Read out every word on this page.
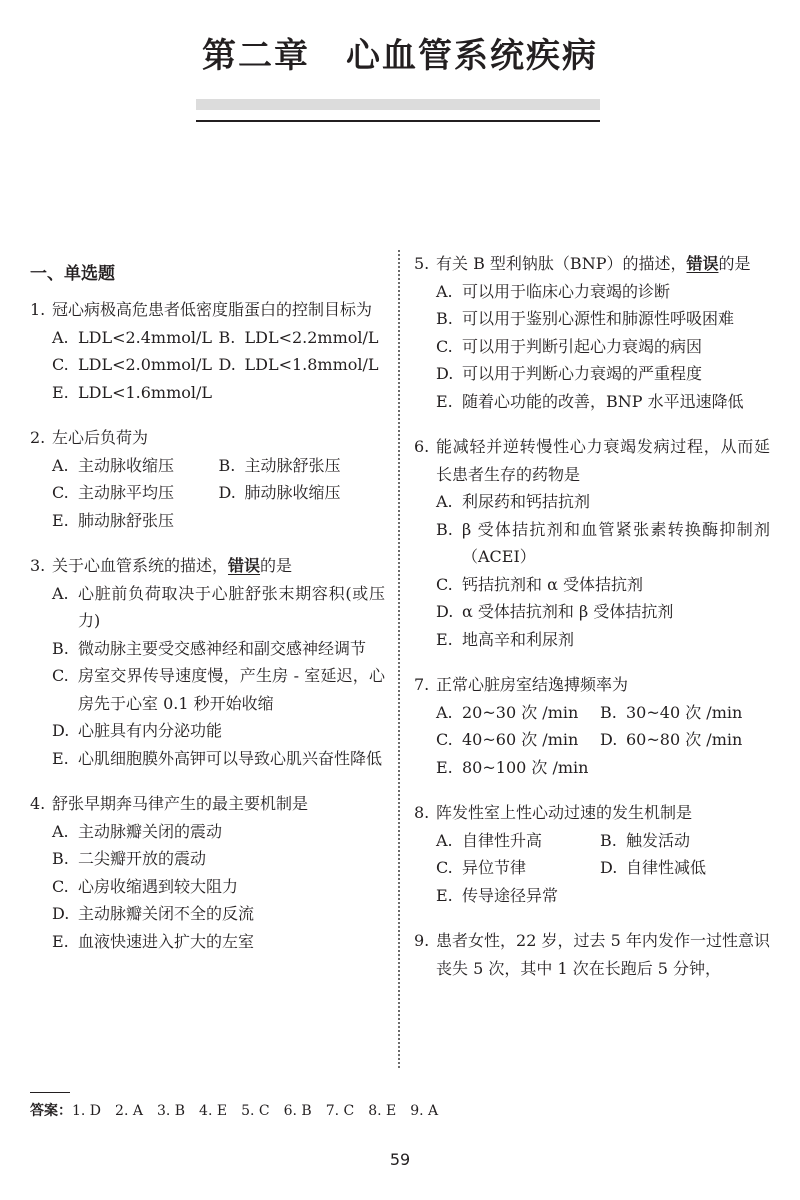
第二章　心血管系统疾病
一、单选题
1. 冠心病极高危患者低密度脂蛋白的控制目标为
A. LDL<2.4mmol/L B. LDL<2.2mmol/L
C. LDL<2.0mmol/L D. LDL<1.8mmol/L
E. LDL<1.6mmol/L
2. 左心后负荷为
A. 主动脉收缩压	B. 主动脉舒张压
C. 主动脉平均压	D. 肺动脉收缩压
E. 肺动脉舒张压
3. 关于心血管系统的描述，错误的是
A. 心脏前负荷取决于心脏舒张末期容积(或压力)
B. 微动脉主要受交感神经和副交感神经调节
C. 房室交界传导速度慢，产生房 - 室延迟，心房先于心室 0.1 秒开始收缩
D. 心脏具有内分泌功能
E. 心肌细胞膜外高钾可以导致心肌兴奋性降低
4. 舒张早期奔马律产生的最主要机制是
A. 主动脉瓣关闭的震动
B. 二尖瓣开放的震动
C. 心房收缩遇到较大阻力
D. 主动脉瓣关闭不全的反流
E. 血液快速进入扩大的左室
5. 有关 B 型利钠肽（BNP）的描述，错误的是
A. 可以用于临床心力衰竭的诊断
B. 可以用于鉴别心源性和肺源性呼吸困难
C. 可以用于判断引起心力衰竭的病因
D. 可以用于判断心力衰竭的严重程度
E. 随着心功能的改善，BNP 水平迅速降低
6. 能减轻并逆转慢性心力衰竭发病过程，从而延长患者生存的药物是
A. 利尿药和钙拮抗剂
B. β 受体拮抗剂和血管紧张素转换酶抑制剂（ACEI）
C. 钙拮抗剂和 α 受体拮抗剂
D. α 受体拮抗剂和 β 受体拮抗剂
E. 地高辛和利尿剂
7. 正常心脏房室结逸搏频率为
A. 20~30 次 /min B. 30~40 次 /min
C. 40~60 次 /min D. 60~80 次 /min
E. 80~100 次 /min
8. 阵发性室上性心动过速的发生机制是
A. 自律性升高	B. 触发活动
C. 异位节律	D. 自律性减低
E. 传导途径异常
9. 患者女性，22 岁，过去 5 年内发作一过性意识丧失 5 次，其中 1 次在长跑后 5 分钟，
答案：1. D　2. A　3. B　4. E　5. C　6. B　7. C　8. E　9. A
59
